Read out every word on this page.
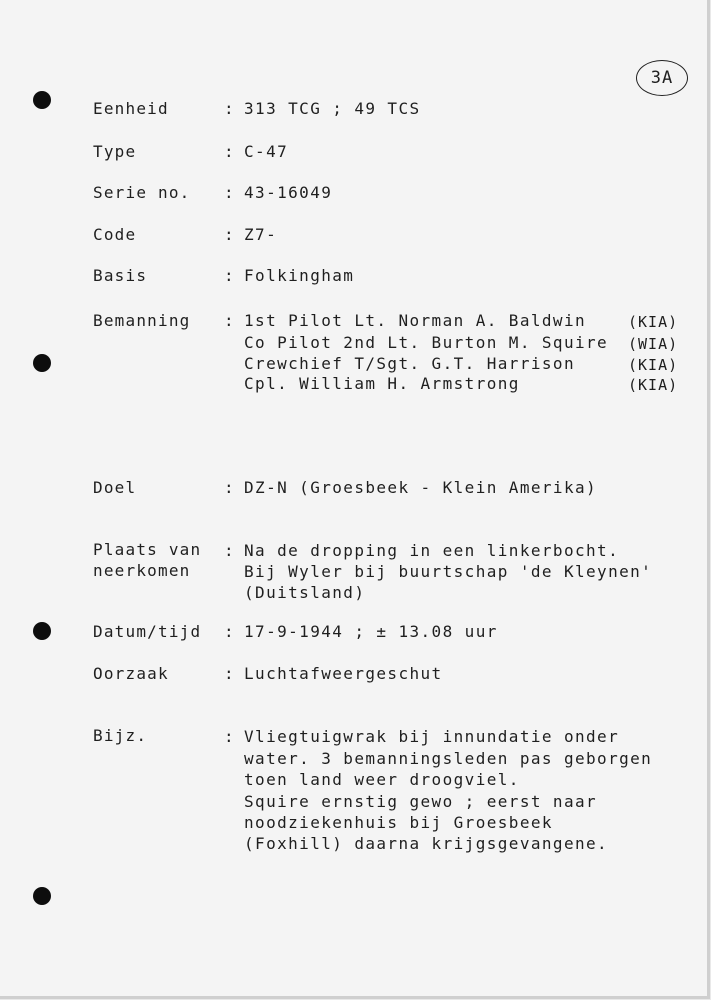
3A
Eenheid	: 313 TCG ; 49 TCS
Type	: C-47
Serie no. : 43-16049
Code	: Z7-
Basis	: Folkingham
Bemanning : 1st Pilot Lt. Norman A. Baldwin	(KIA)
Co Pilot 2nd Lt. Burton M. Squire (WIA)
Crewchief T/Sgt. G.T. Harrison	(KIA)
Cpl. William H. Armstrong	(KIA)
Doel	: DZ-N (Groesbeek - Klein Amerika)
Plaats van
neerkomen
: Na de dropping in een linkerbocht.
Bij Wyler bij buurtschap 'de Kleynen'
(Duitsland)
Datum/tijd : 17-9-1944 ; ± 13.08 uur
Oorzaak	: Luchtafweergeschut
Bijz.	: Vliegtuigwrak bij innundatie onder
water. 3 bemanningsleden pas geborgen
toen land weer droogviel.
Squire ernstig gewo ; eerst naar
noodziekenhuis bij Groesbeek
(Foxhill) daarna krijgsgevangene.
